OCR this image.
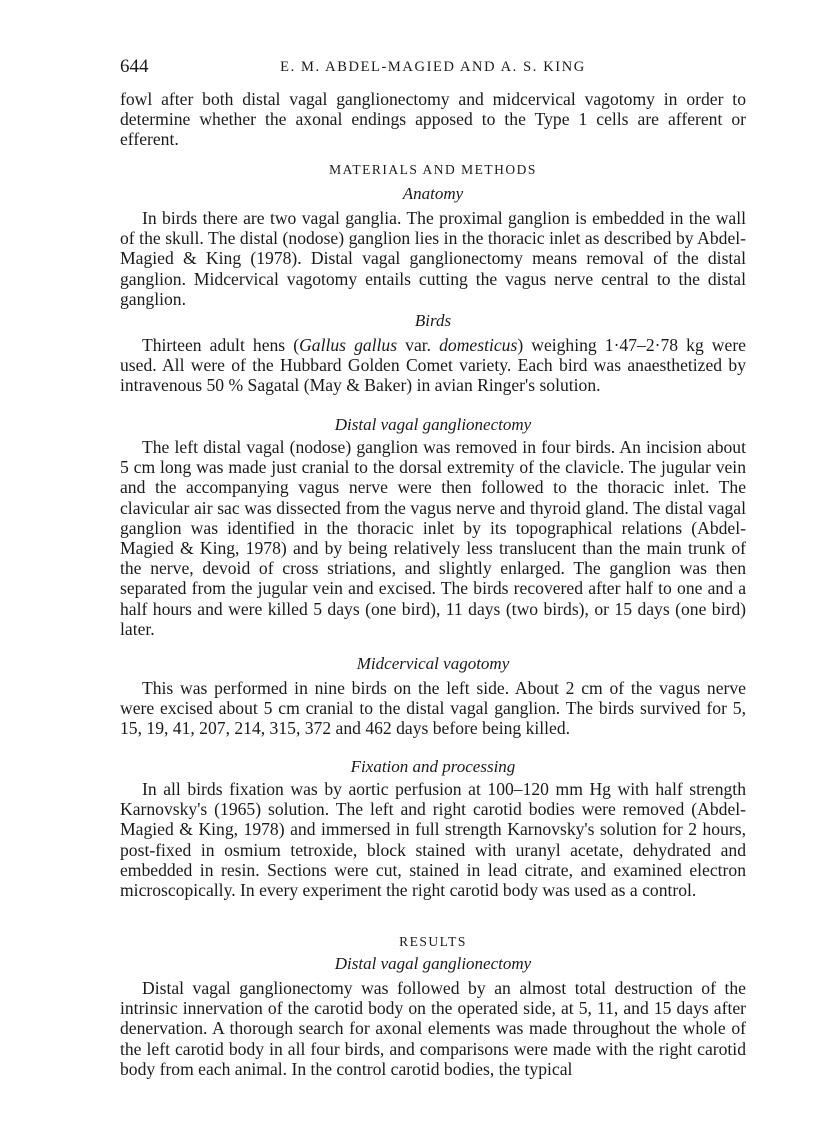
644	E. M. ABDEL-MAGIED AND A. S. KING

fowl after both distal vagal ganglionectomy and midcervical vagotomy in order to determine whether the axonal endings apposed to the Type 1 cells are afferent or efferent.

MATERIALS AND METHODS
Anatomy

In birds there are two vagal ganglia. The proximal ganglion is embedded in the wall of the skull. The distal (nodose) ganglion lies in the thoracic inlet as described by Abdel-Magied & King (1978). Distal vagal ganglionectomy means removal of the distal ganglion. Midcervical vagotomy entails cutting the vagus nerve central to the distal ganglion.

Birds

Thirteen adult hens (Gallus gallus var. domesticus) weighing 1·47–2·78 kg were used. All were of the Hubbard Golden Comet variety. Each bird was anaesthetized by intravenous 50 % Sagatal (May & Baker) in avian Ringer's solution.

Distal vagal ganglionectomy

The left distal vagal (nodose) ganglion was removed in four birds. An incision about 5 cm long was made just cranial to the dorsal extremity of the clavicle. The jugular vein and the accompanying vagus nerve were then followed to the thoracic inlet. The clavicular air sac was dissected from the vagus nerve and thyroid gland. The distal vagal ganglion was identified in the thoracic inlet by its topographical relations (Abdel-Magied & King, 1978) and by being relatively less translucent than the main trunk of the nerve, devoid of cross striations, and slightly enlarged. The ganglion was then separated from the jugular vein and excised. The birds recovered after half to one and a half hours and were killed 5 days (one bird), 11 days (two birds), or 15 days (one bird) later.

Midcervical vagotomy

This was performed in nine birds on the left side. About 2 cm of the vagus nerve were excised about 5 cm cranial to the distal vagal ganglion. The birds survived for 5, 15, 19, 41, 207, 214, 315, 372 and 462 days before being killed.

Fixation and processing

In all birds fixation was by aortic perfusion at 100–120 mm Hg with half strength Karnovsky's (1965) solution. The left and right carotid bodies were removed (Abdel-Magied & King, 1978) and immersed in full strength Karnovsky's solution for 2 hours, post-fixed in osmium tetroxide, block stained with uranyl acetate, dehydrated and embedded in resin. Sections were cut, stained in lead citrate, and examined electron microscopically. In every experiment the right carotid body was used as a control.

RESULTS
Distal vagal ganglionectomy

Distal vagal ganglionectomy was followed by an almost total destruction of the intrinsic innervation of the carotid body on the operated side, at 5, 11, and 15 days after denervation. A thorough search for axonal elements was made throughout the whole of the left carotid body in all four birds, and comparisons were made with the right carotid body from each animal. In the control carotid bodies, the typical
